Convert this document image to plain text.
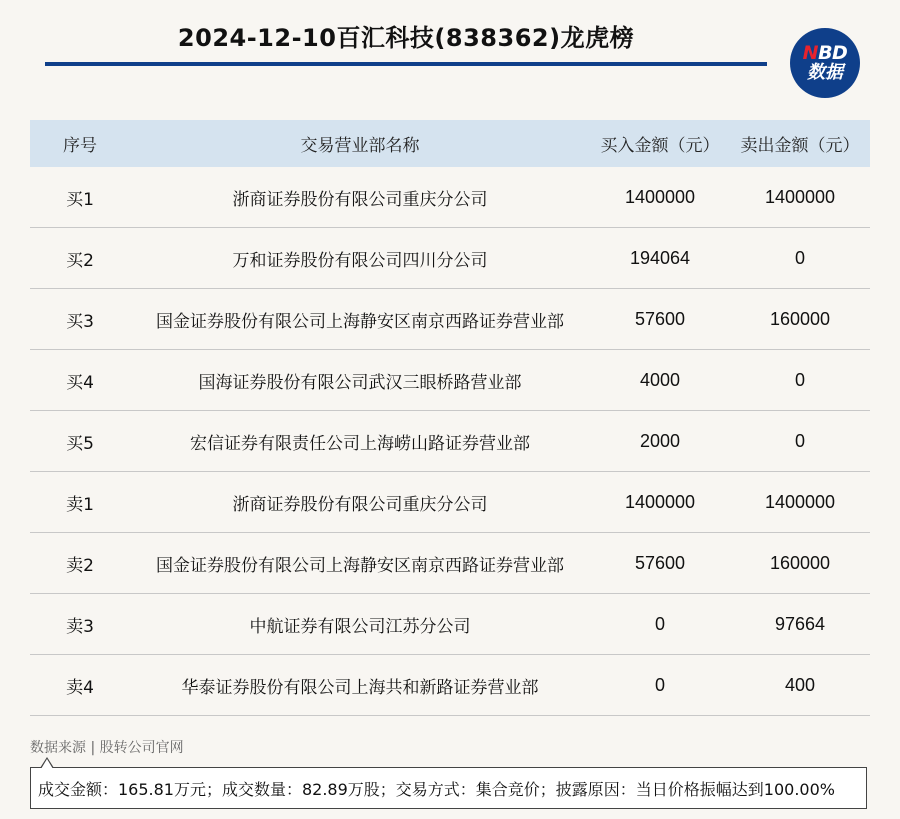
2024-12-10百汇科技(838362)龙虎榜
NBD
数据
序号	交易营业部名称	买入金额（元）	卖出金额（元）
买1	浙商证券股份有限公司重庆分公司	1400000	1400000
买2	万和证券股份有限公司四川分公司	194064	0
买3	国金证券股份有限公司上海静安区南京西路证券营业部	57600	160000
买4	国海证券股份有限公司武汉三眼桥路营业部	4000	0
买5	宏信证券有限责任公司上海崂山路证券营业部	2000	0
卖1	浙商证券股份有限公司重庆分公司	1400000	1400000
卖2	国金证券股份有限公司上海静安区南京西路证券营业部	57600	160000
卖3	中航证券有限公司江苏分公司	0	97664
卖4	华泰证券股份有限公司上海共和新路证券营业部	0	400
数据来源 | 股转公司官网
成交金额：165.81万元；成交数量：82.89万股；交易方式：集合竞价；披露原因：当日价格振幅达到100.00%
